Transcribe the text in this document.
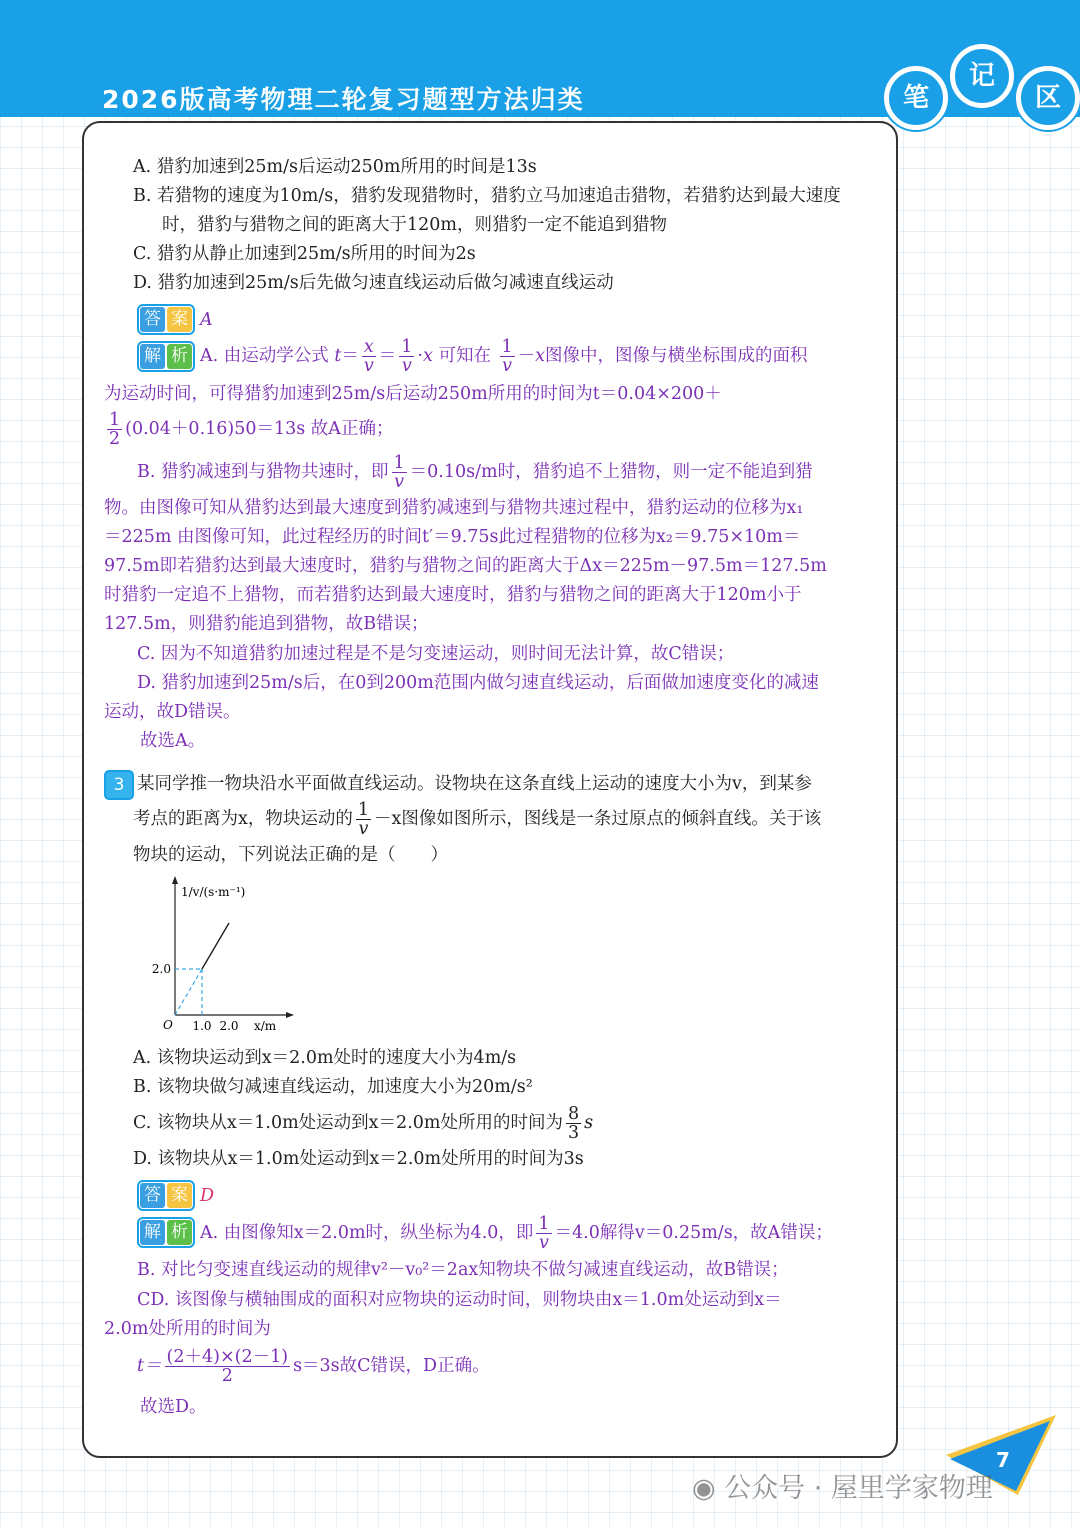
2026版高考物理二轮复习题型方法归类	笔
记
区
A. 猎豹加速到25m/s后运动250m所用的时间是13s
B. 若猎物的速度为10m/s，猎豹发现猎物时，猎豹立马加速追击猎物，若猎豹达到最大速度
时，猎豹与猎物之间的距离大于120m，则猎豹一定不能追到猎物
C. 猎豹从静止加速到25m/s所用的时间为2s
D. 猎豹加速到25m/s后先做匀速直线运动后做匀减速直线运动
答 案 A
解 析 A. 由运动学公式 $t= \frac{x}{v} = \frac{1}{v} \cdot x$ 可知在 $\frac{1}{v} -x$图像中，图像与横坐标围成的面积
为运动时间，可得猎豹加速到25m/s后运动250m所用的时间为t＝0.04×200＋
$\frac{1}{2} (0.04+0.16)50=13s$ 故A正确；
B. 猎豹减速到与猎物共速时，即 $\frac{1}{v} =0.10s/m$时，猎豹追不上猎物，则一定不能追到猎
物。由图像可知从猎豹达到最大速度到猎豹减速到与猎物共速过程中，猎豹运动的位移为x₁
＝225m 由图像可知，此过程经历的时间t′＝9.75s此过程猎物的位移为x₂＝9.75×10m＝
97.5m即若猎豹达到最大速度时，猎豹与猎物之间的距离大于Δx＝225m－97.5m＝127.5m
时猎豹一定追不上猎物，而若猎豹达到最大速度时，猎豹与猎物之间的距离大于120m小于
127.5m，则猎豹能追到猎物，故B错误；
C. 因为不知道猎豹加速过程是不是匀变速运动，则时间无法计算，故C错误；
D. 猎豹加速到25m/s后，在0到200m范围内做匀速直线运动，后面做加速度变化的减速
运动，故D错误。
故选A。
3 某同学推一物块沿水平面做直线运动。设物块在这条直线上运动的速度大小为v，到某参
考点的距离为x，物块运动的 $\frac{1}{v} -x$图像如图所示，图线是一条过原点的倾斜直线。关于该
物块的运动，下列说法正确的是（　　）
1.0 2.0
2.0
O	x/m
1/v/(s·m⁻¹)
A. 该物块运动到x＝2.0m处时的速度大小为4m/s
B. 该物块做匀减速直线运动，加速度大小为20m/s²
C. 该物块从x＝1.0m处运动到x＝2.0m处所用的时间为 $\frac{8}{3}$ s
D. 该物块从x＝1.0m处运动到x＝2.0m处所用的时间为3s
答 案 D
解 析 A. 由图像知x＝2.0m时，纵坐标为4.0，即 $\frac{1}{v} =4.0$解得v＝0.25m/s，故A错误；
B. 对比匀变速直线运动的规律v²－v₀²＝2ax知物块不做匀减速直线运动，故B错误；
CD. 该图像与横轴围成的面积对应物块的运动时间，则物块由x＝1.0m处运动到x＝
2.0m处所用的时间为
$t= \frac{(2+4)\times(2-1)}{2} s=3s$故C错误，D正确。
故选D。
7
◉ 公众号 · 屋里学家物理
